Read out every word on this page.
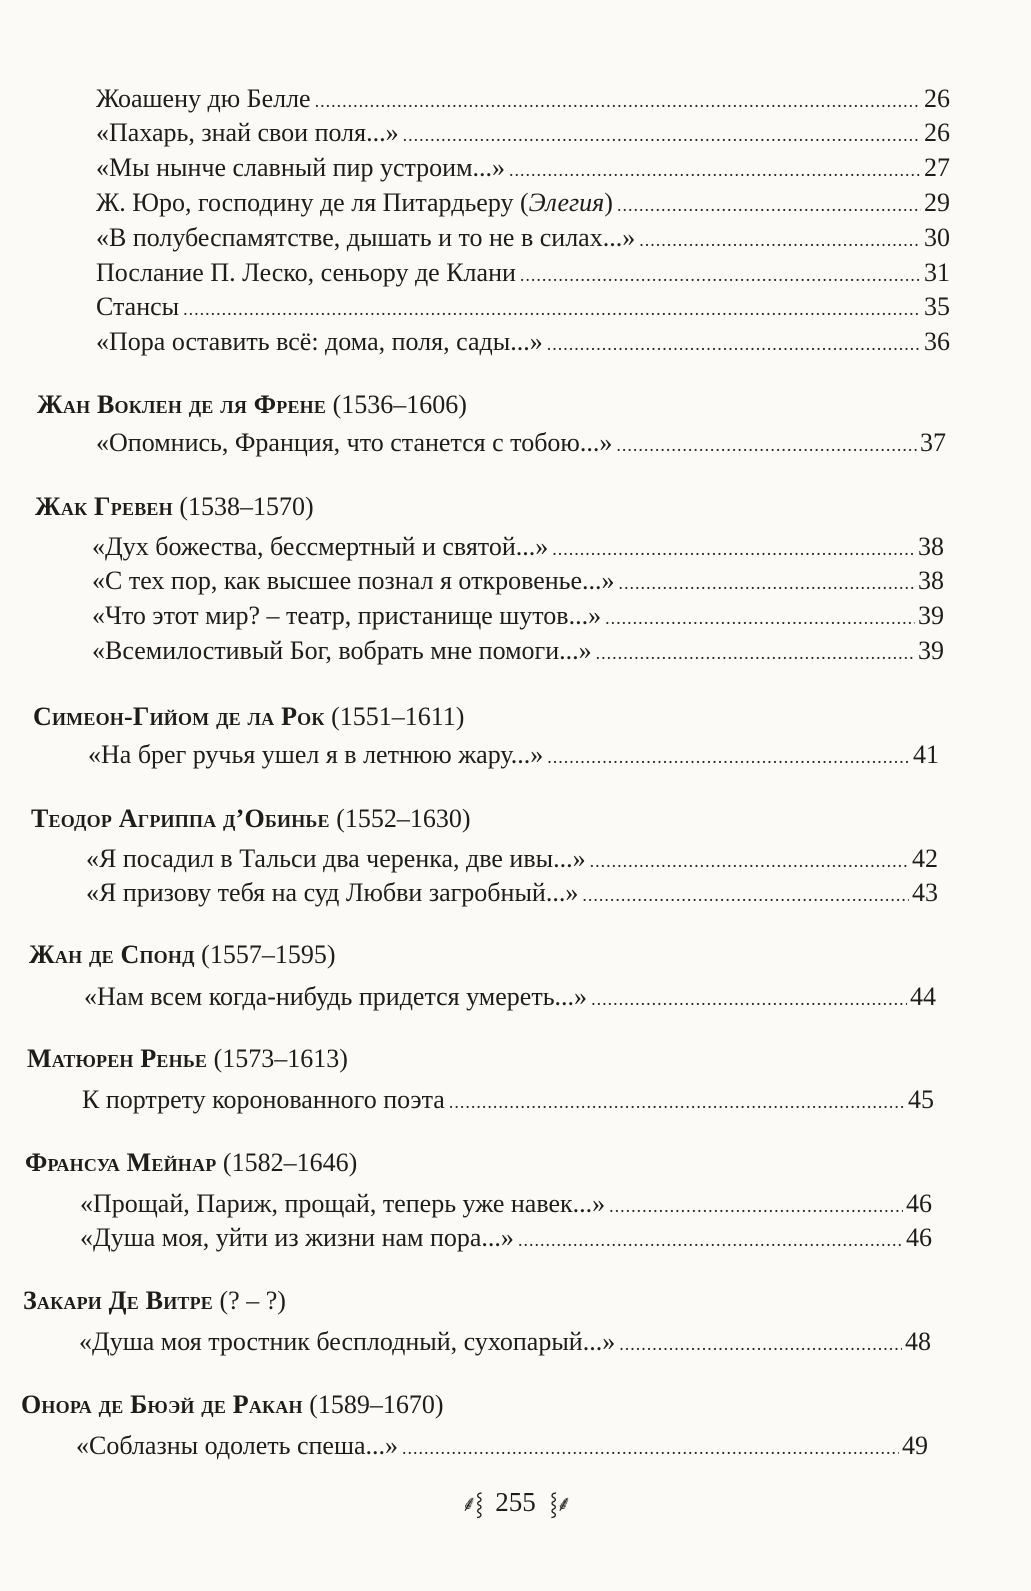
Жоашену дю Белле .....	26
«Пахарь, знай свои поля...» .....	26
«Мы нынче славный пир устроим...» .....	27
Ж. Юро, господину де ля Питардьеру (Элегия) .....	29
«В полубеспамятстве, дышать и то не в силах...» .....	30
Послание П. Леско, сеньору де Клани .....	31
Стансы .....	35
«Пора оставить всё: дома, поля, сады...» .....	36
Жан Воклен де ля Френе (1536–1606)
«Опомнись, Франция, что станется с тобою...» .....	37
Жак Гревен (1538–1570)
«Дух божества, бессмертный и святой...» .....	38
«С тех пор, как высшее познал я откровенье...» .....	38
«Что этот мир? – театр, пристанище шутов...» .....	39
«Всемилостивый Бог, вобрать мне помоги...» .....	39
Симеон-Гийом де ла Рок (1551–1611)
«На брег ручья ушел я в летнюю жару...» .....	41
Теодор Агриппа д’Обинье (1552–1630)
«Я посадил в Тальси два черенка, две ивы...» .....	42
«Я призову тебя на суд Любви загробный...» .....	43
Жан де Спонд (1557–1595)
«Нам всем когда-нибудь придется умереть...» .....	44
Матюрен Ренье (1573–1613)
К портрету коронованного поэта .....	45
Франсуа Мейнар (1582–1646)
«Прощай, Париж, прощай, теперь уже навек...» .....	46
«Душа моя, уйти из жизни нам пора...» .....	46
Закари Де Витре (? – ?)
«Душа моя тростник бесплодный, сухопарый...» .....	48
Онора де Бюэй де Ракан (1589–1670)
«Соблазны одолеть спеша...» .....	49
⸙⸾ 255 ⸾⸙
